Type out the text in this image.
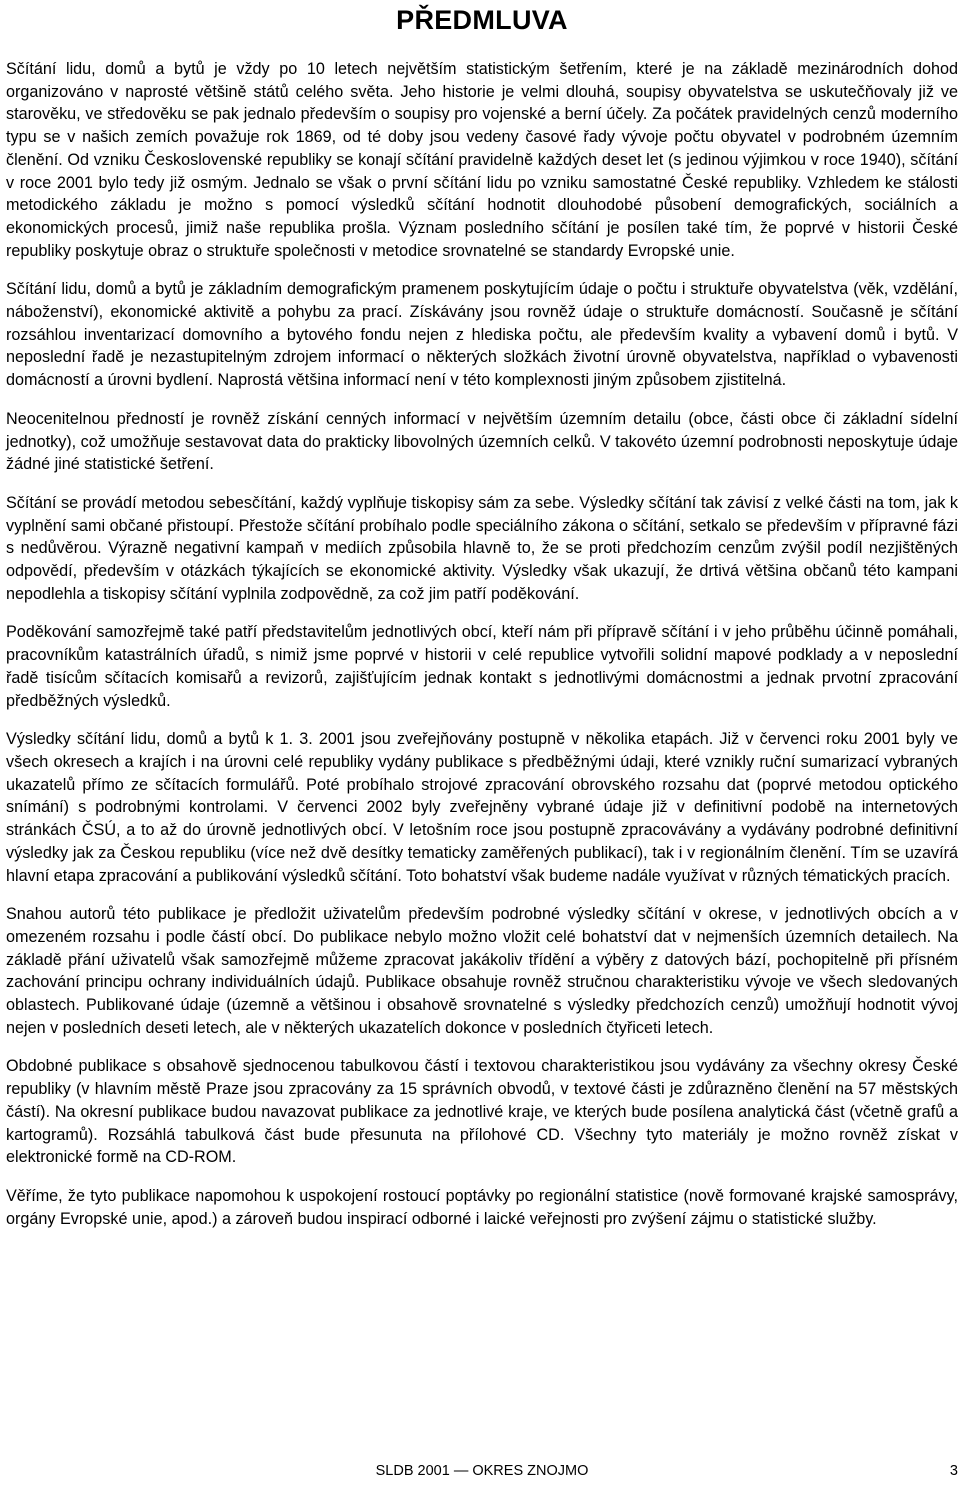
PŘEDMLUVA

Sčítání lidu, domů a bytů je vždy po 10 letech největším statistickým šetřením, které je na základě mezinárodních dohod organizováno v naprosté většině států celého světa. Jeho historie je velmi dlouhá, soupisy obyvatelstva se uskutečňovaly již ve starověku, ve středověku se pak jednalo především o soupisy pro vojenské a berní účely. Za počátek pravidelných cenzů moderního typu se v našich zemích považuje rok 1869, od té doby jsou vedeny časové řady vývoje počtu obyvatel v podrobném územním členění. Od vzniku Československé republiky se konají sčítání pravidelně každých deset let (s jedinou výjimkou v roce 1940), sčítání v roce 2001 bylo tedy již osmým. Jednalo se však o první sčítání lidu po vzniku samostatné České republiky. Vzhledem ke stálosti metodického základu je možno s pomocí výsledků sčítání hodnotit dlouhodobé působení demografických, sociálních a ekonomických procesů, jimiž naše republika prošla. Význam posledního sčítání je posílen také tím, že poprvé v historii České republiky poskytuje obraz o struktuře společnosti v metodice srovnatelné se standardy Evropské unie.

Sčítání lidu, domů a bytů je základním demografickým pramenem poskytujícím údaje o počtu i struktuře obyvatelstva (věk, vzdělání, náboženství), ekonomické aktivitě a pohybu za prací. Získávány jsou rovněž údaje o struktuře domácností. Současně je sčítání rozsáhlou inventarizací domovního a bytového fondu nejen z hlediska počtu, ale především kvality a vybavení domů i bytů. V neposlední řadě je nezastupitelným zdrojem informací o některých složkách životní úrovně obyvatelstva, například o vybavenosti domácností a úrovni bydlení. Naprostá většina informací není v této komplexnosti jiným způsobem zjistitelná.

Neocenitelnou předností je rovněž získání cenných informací v největším územním detailu (obce, části obce či základní sídelní jednotky), což umožňuje sestavovat data do prakticky libovolných územních celků. V takovéto územní podrobnosti neposkytuje údaje žádné jiné statistické šetření.

Sčítání se provádí metodou sebesčítání, každý vyplňuje tiskopisy sám za sebe. Výsledky sčítání tak závisí z velké části na tom, jak k vyplnění sami občané přistoupí. Přestože sčítání probíhalo podle speciálního zákona o sčítání, setkalo se především v přípravné fázi s nedůvěrou. Výrazně negativní kampaň v mediích způsobila hlavně to, že se proti předchozím cenzům zvýšil podíl nezjištěných odpovědí, především v otázkách týkajících se ekonomické aktivity. Výsledky však ukazují, že drtivá většina občanů této kampani nepodlehla a tiskopisy sčítání vyplnila zodpovědně, za což jim patří poděkování.

Poděkování samozřejmě také patří představitelům jednotlivých obcí, kteří nám při přípravě sčítání i v jeho průběhu účinně pomáhali, pracovníkům katastrálních úřadů, s nimiž jsme poprvé v historii v celé republice vytvořili solidní mapové podklady a v neposlední řadě tisícům sčítacích komisařů a revizorů, zajišťujícím jednak kontakt s jednotlivými domácnostmi a jednak prvotní zpracování předběžných výsledků.

Výsledky sčítání lidu, domů a bytů k 1. 3. 2001 jsou zveřejňovány postupně v několika etapách. Již v červenci roku 2001 byly ve všech okresech a krajích i na úrovni celé republiky vydány publikace s předběžnými údaji, které vznikly ruční sumarizací vybraných ukazatelů přímo ze sčítacích formulářů. Poté probíhalo strojové zpracování obrovského rozsahu dat (poprvé metodou optického snímání) s podrobnými kontrolami. V červenci 2002 byly zveřejněny vybrané údaje již v definitivní podobě na internetových stránkách ČSÚ, a to až do úrovně jednotlivých obcí. V letošním roce jsou postupně zpracovávány a vydávány podrobné definitivní výsledky jak za Českou republiku (více než dvě desítky tematicky zaměřených publikací), tak i v regionálním členění. Tím se uzavírá hlavní etapa zpracování a publikování výsledků sčítání. Toto bohatství však budeme nadále využívat v různých tématických pracích.

Snahou autorů této publikace je předložit uživatelům především podrobné výsledky sčítání v okrese, v jednotlivých obcích a v omezeném rozsahu i podle částí obcí. Do publikace nebylo možno vložit celé bohatství dat v nejmenších územních detailech. Na základě přání uživatelů však samozřejmě můžeme zpracovat jakákoliv třídění a výběry z datových bází, pochopitelně při přísném zachování principu ochrany individuálních údajů. Publikace obsahuje rovněž stručnou charakteristiku vývoje ve všech sledovaných oblastech. Publikované údaje (územně a většinou i obsahově srovnatelné s výsledky předchozích cenzů) umožňují hodnotit vývoj nejen v posledních deseti letech, ale v některých ukazatelích dokonce v posledních čtyřiceti letech.

Obdobné publikace s obsahově sjednocenou tabulkovou částí i textovou charakteristikou jsou vydávány za všechny okresy České republiky (v hlavním městě Praze jsou zpracovány za 15 správních obvodů, v textové části je zdůrazněno členění na 57 městských částí). Na okresní publikace budou navazovat publikace za jednotlivé kraje, ve kterých bude posílena analytická část (včetně grafů a kartogramů). Rozsáhlá tabulková část bude přesunuta na přílohové CD. Všechny tyto materiály je možno rovněž získat v elektronické formě na CD-ROM.

Věříme, že tyto publikace napomohou k uspokojení rostoucí poptávky po regionální statistice (nově formované krajské samosprávy, orgány Evropské unie, apod.) a zároveň budou inspirací odborné i laické veřejnosti pro zvýšení zájmu o statistické služby.

SLDB 2001 — OKRES ZNOJMO	3
